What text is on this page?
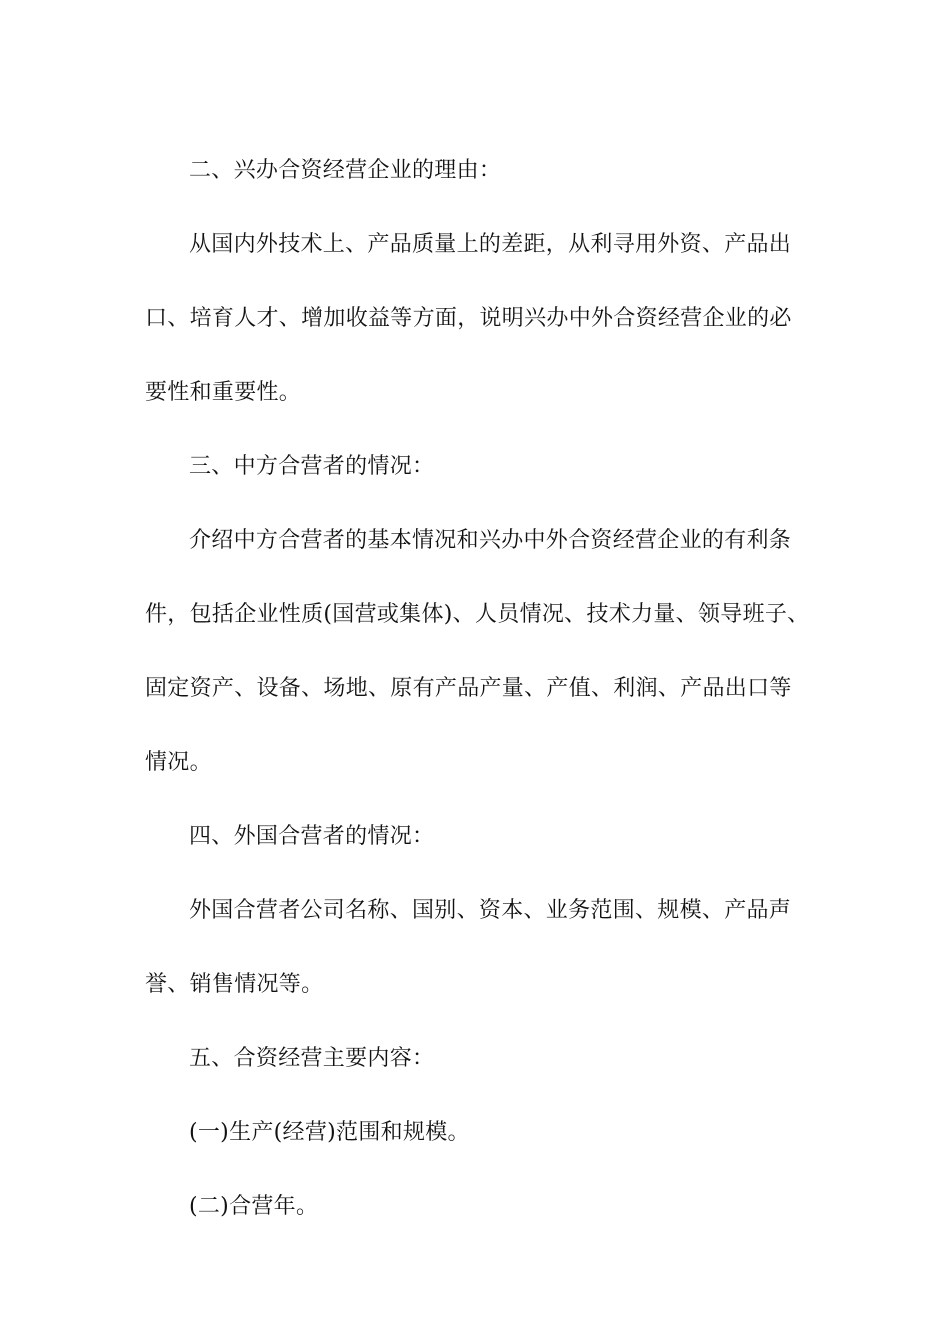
二、兴办合资经营企业的理由：
从国内外技术上、产品质量上的差距，从利寻用外资、产品出
口、培育人才、增加收益等方面，说明兴办中外合资经营企业的必
要性和重要性。
三、中方合营者的情况：
介绍中方合营者的基本情况和兴办中外合资经营企业的有利条
件，包括企业性质(国营或集体)、人员情况、技术力量、领导班子、
固定资产、设备、场地、原有产品产量、产值、利润、产品出口等
情况。
四、外国合营者的情况：
外国合营者公司名称、国别、资本、业务范围、规模、产品声
誉、销售情况等。
五、合资经营主要内容：
(一)生产(经营)范围和规模。
(二)合营年。
